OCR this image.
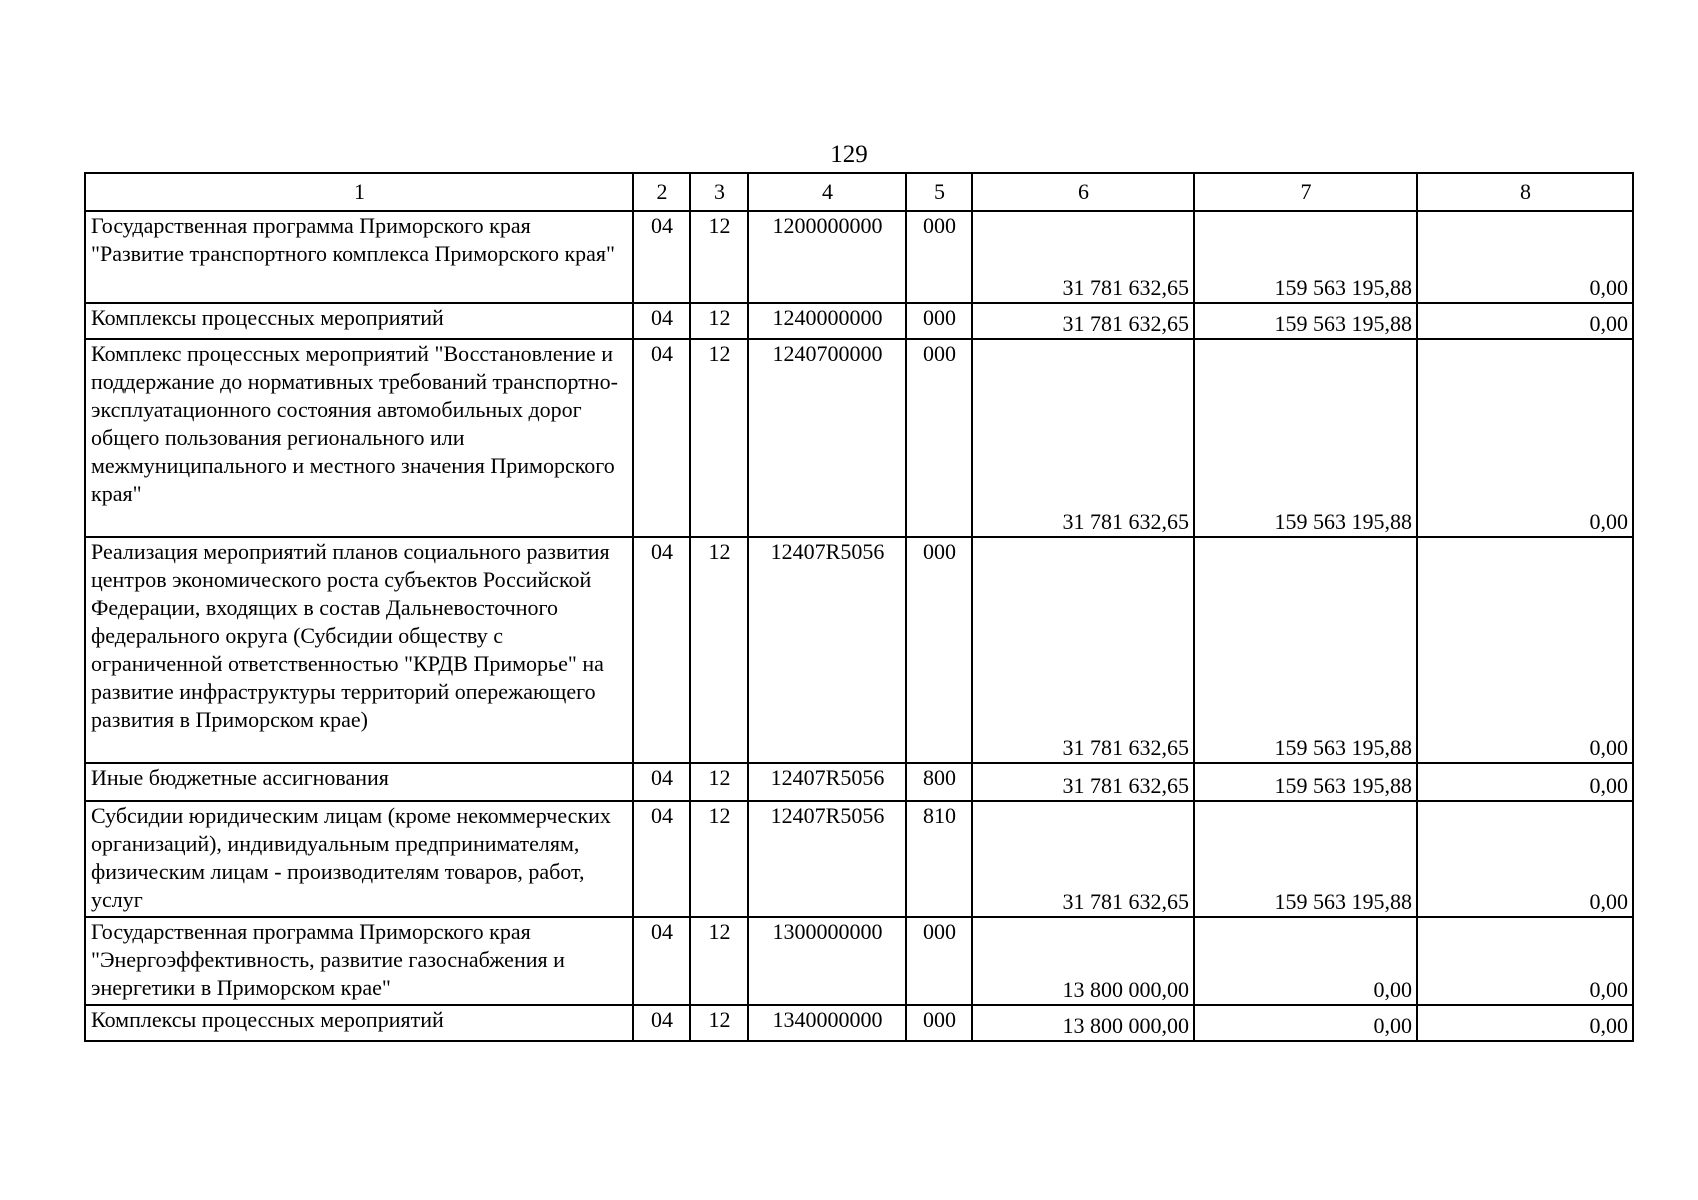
129
1	2	3	4	5	6	7	8
Государственная программа Приморского края "Развитие транспортного комплекса Приморского края"	04	12	1200000000	000	31 781 632,65	159 563 195,88	0,00
Комплексы процессных мероприятий	04	12	1240000000	000	31 781 632,65	159 563 195,88	0,00
Комплекс процессных мероприятий "Восстановление и поддержание до нормативных требований транспортно-эксплуатационного состояния автомобильных дорог общего пользования регионального или межмуниципального и местного значения Приморского края"	04	12	1240700000	000	31 781 632,65	159 563 195,88	0,00
Реализация мероприятий планов социального развития центров экономического роста субъектов Российской Федерации, входящих в состав Дальневосточного федерального округа (Субсидии обществу с ограниченной ответственностью "КРДВ Приморье" на развитие инфраструктуры территорий опережающего развития в Приморском крае)	04	12	12407R5056	000	31 781 632,65	159 563 195,88	0,00
Иные бюджетные ассигнования	04	12	12407R5056	800	31 781 632,65	159 563 195,88	0,00
Субсидии юридическим лицам (кроме некоммерческих организаций), индивидуальным предпринимателям, физическим лицам - производителям товаров, работ, услуг	04	12	12407R5056	810	31 781 632,65	159 563 195,88	0,00
Государственная программа Приморского края "Энергоэффективность, развитие газоснабжения и энергетики в Приморском крае"	04	12	1300000000	000	13 800 000,00	0,00	0,00
Комплексы процессных мероприятий	04	12	1340000000	000	13 800 000,00	0,00	0,00
